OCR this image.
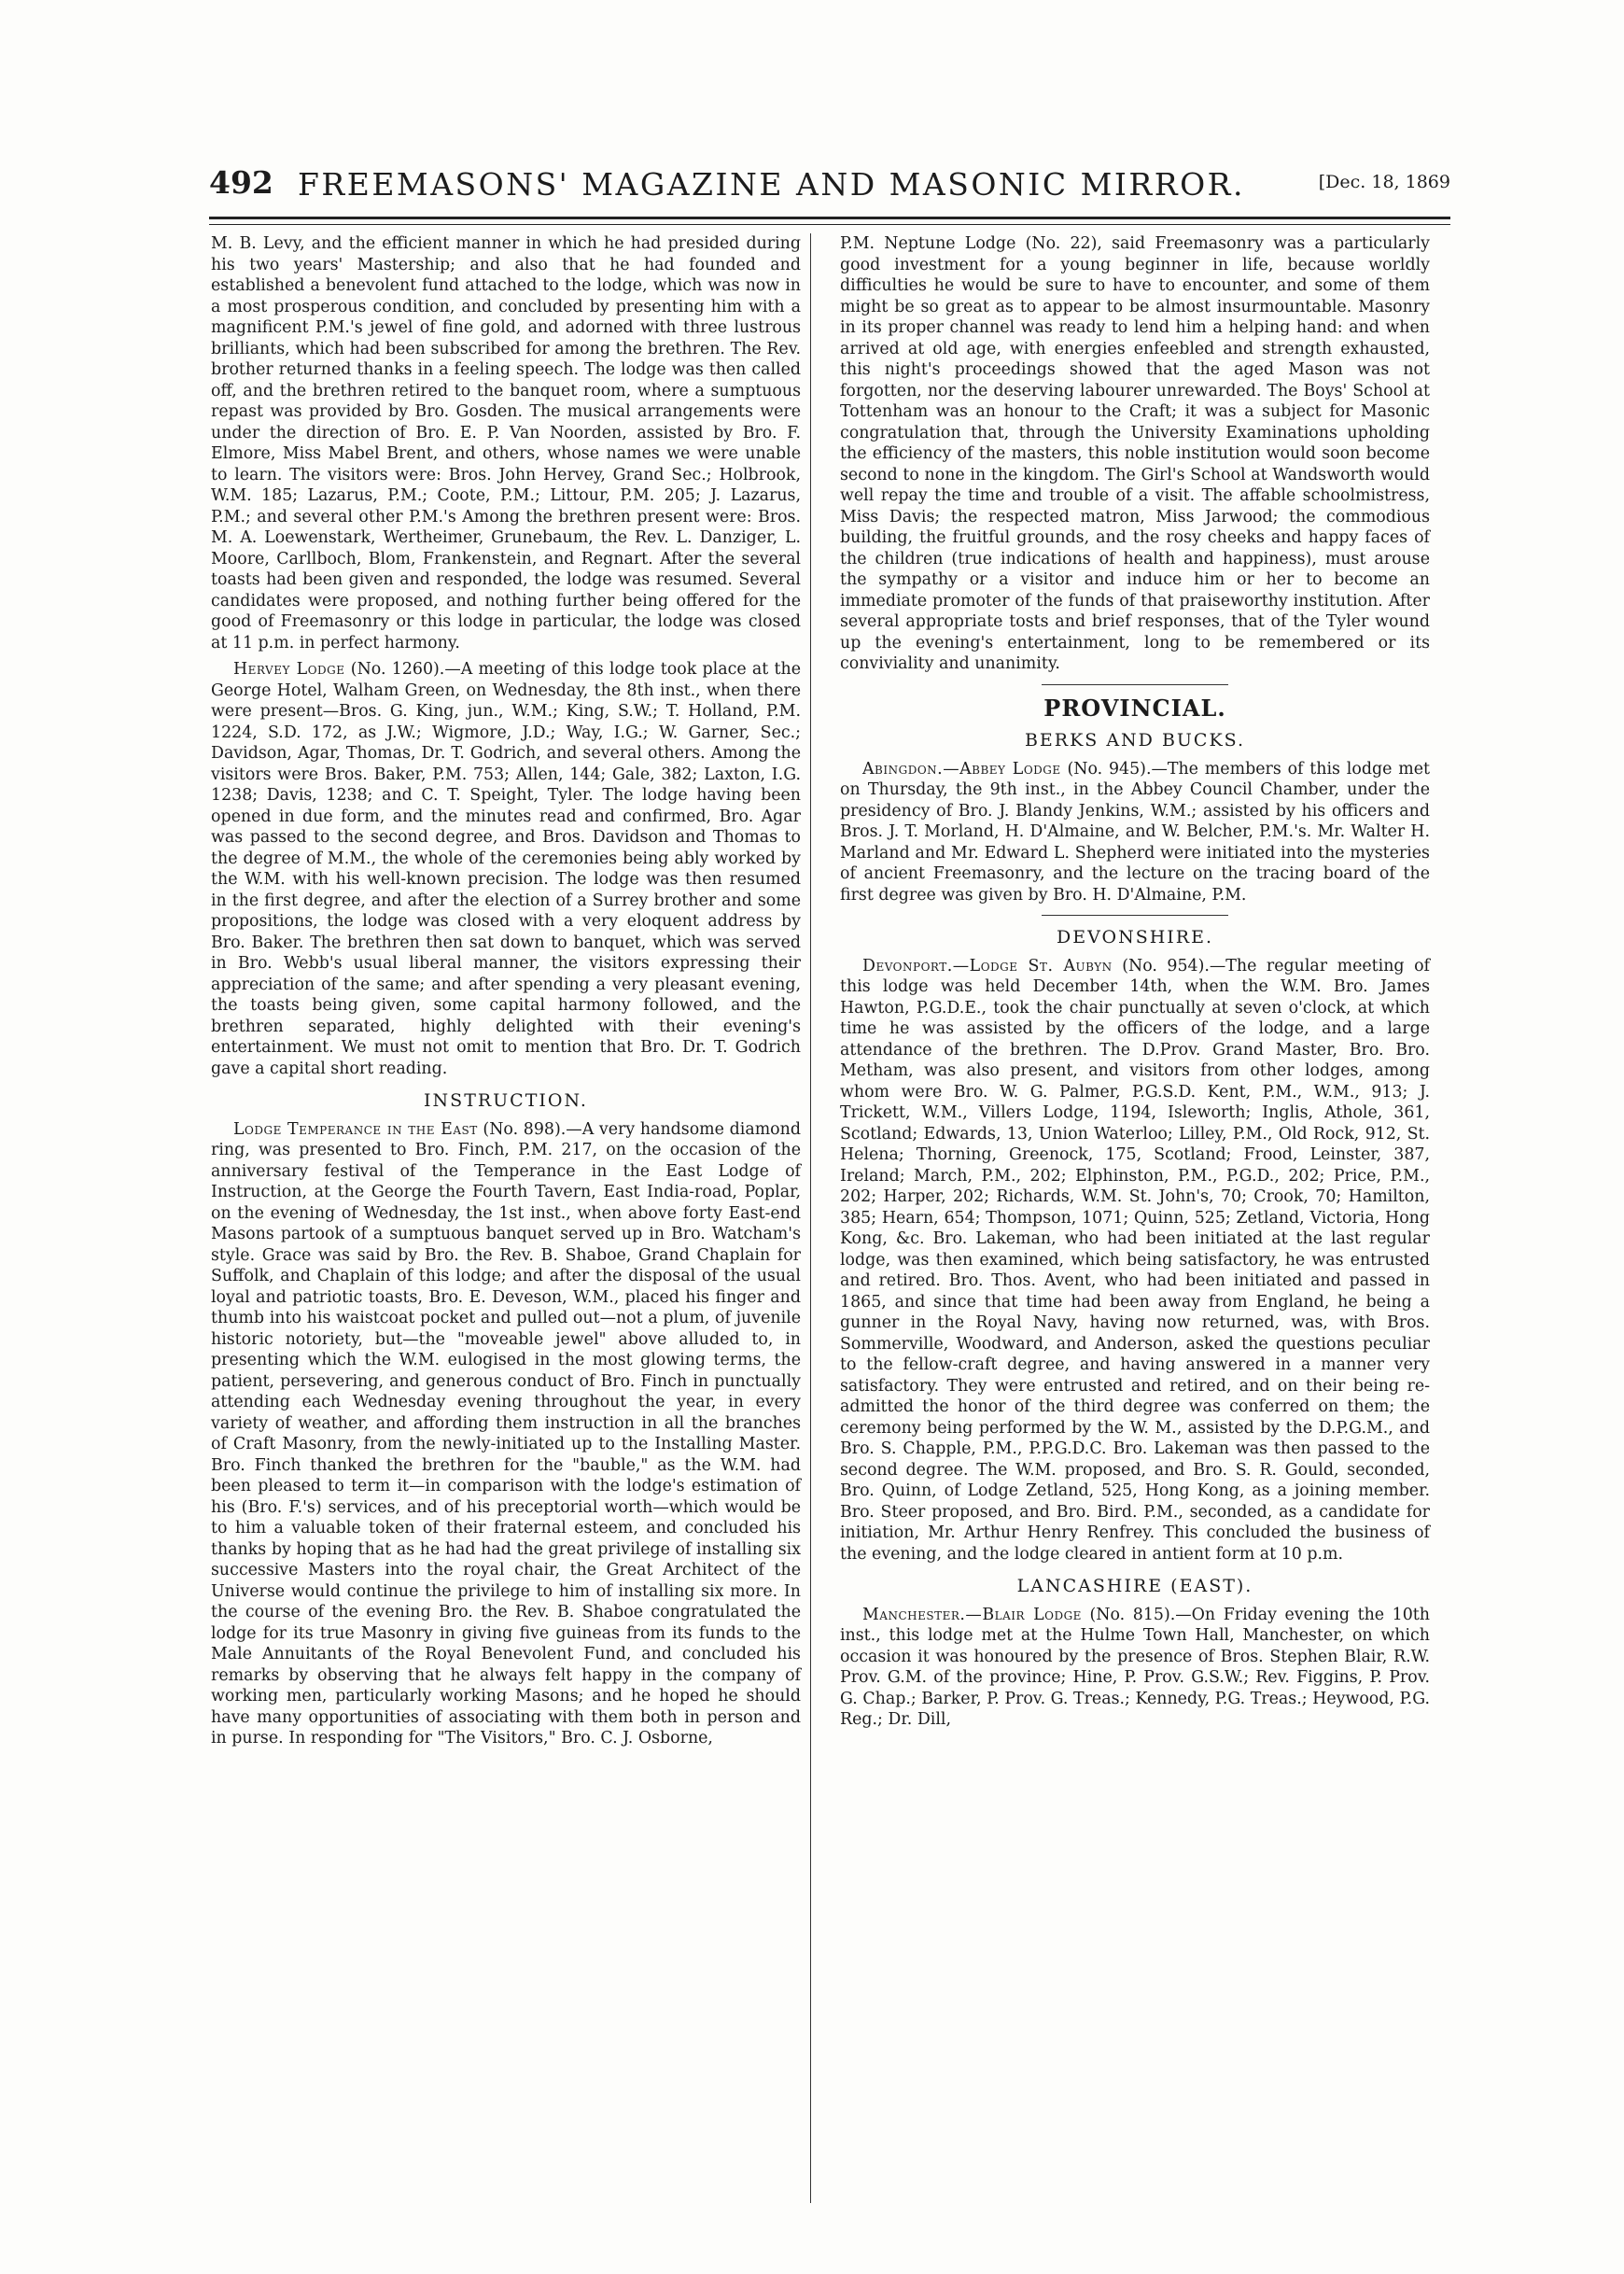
492 FREEMASONS' MAGAZINE AND MASONIC MIRROR.	[Dec. 18, 1869

M. B. Levy, and the efficient manner in which he had presided during his two years' Mastership; and also that he had founded and established a benevolent fund attached to the lodge, which was now in a most prosperous condition, and concluded by presenting him with a magnificent P.M.'s jewel of fine gold, and adorned with three lustrous brilliants, which had been subscribed for among the brethren. The Rev. brother returned thanks in a feeling speech. The lodge was then called off, and the brethren retired to the banquet room, where a sumptuous repast was provided by Bro. Gosden. The musical arrangements were under the direction of Bro. E. P. Van Noorden, assisted by Bro. F. Elmore, Miss Mabel Brent, and others, whose names we were unable to learn. The visitors were: Bros. John Hervey, Grand Sec.; Holbrook, W.M. 185; Lazarus, P.M.; Coote, P.M.; Littour, P.M. 205; J. Lazarus, P.M.; and several other P.M.'s Among the brethren present were: Bros. M. A. Loewenstark, Wertheimer, Grunebaum, the Rev. L. Danziger, L. Moore, Carllboch, Blom, Frankenstein, and Regnart. After the several toasts had been given and responded, the lodge was resumed. Several candidates were proposed, and nothing further being offered for the good of Freemasonry or this lodge in particular, the lodge was closed at 11 p.m. in perfect harmony.

Hervey Lodge (No. 1260).—A meeting of this lodge took place at the George Hotel, Walham Green, on Wednesday, the 8th inst., when there were present—Bros. G. King, jun., W.M.; King, S.W.; T. Holland, P.M. 1224, S.D. 172, as J.W.; Wigmore, J.D.; Way, I.G.; W. Garner, Sec.; Davidson, Agar, Thomas, Dr. T. Godrich, and several others. Among the visitors were Bros. Baker, P.M. 753; Allen, 144; Gale, 382; Laxton, I.G. 1238; Davis, 1238; and C. T. Speight, Tyler. The lodge having been opened in due form, and the minutes read and confirmed, Bro. Agar was passed to the second degree, and Bros. Davidson and Thomas to the degree of M.M., the whole of the ceremonies being ably worked by the W.M. with his well-known precision. The lodge was then resumed in the first degree, and after the election of a Surrey brother and some propositions, the lodge was closed with a very eloquent address by Bro. Baker. The brethren then sat down to banquet, which was served in Bro. Webb's usual liberal manner, the visitors expressing their appreciation of the same; and after spending a very pleasant evening, the toasts being given, some capital harmony followed, and the brethren separated, highly delighted with their evening's entertainment. We must not omit to mention that Bro. Dr. T. Godrich gave a capital short reading.

INSTRUCTION.

Lodge Temperance in the East (No. 898).—A very handsome diamond ring, was presented to Bro. Finch, P.M. 217, on the occasion of the anniversary festival of the Temperance in the East Lodge of Instruction, at the George the Fourth Tavern, East India-road, Poplar, on the evening of Wednesday, the 1st inst., when above forty East-end Masons partook of a sumptuous banquet served up in Bro. Watcham's style. Grace was said by Bro. the Rev. B. Shaboe, Grand Chaplain for Suffolk, and Chaplain of this lodge; and after the disposal of the usual loyal and patriotic toasts, Bro. E. Deveson, W.M., placed his finger and thumb into his waistcoat pocket and pulled out—not a plum, of juvenile historic notoriety, but—the "moveable jewel" above alluded to, in presenting which the W.M. eulogised in the most glowing terms, the patient, persevering, and generous conduct of Bro. Finch in punctually attending each Wednesday evening throughout the year, in every variety of weather, and affording them instruction in all the branches of Craft Masonry, from the newly-initiated up to the Installing Master. Bro. Finch thanked the brethren for the "bauble," as the W.M. had been pleased to term it—in comparison with the lodge's estimation of his (Bro. F.'s) services, and of his preceptorial worth—which would be to him a valuable token of their fraternal esteem, and concluded his thanks by hoping that as he had had the great privilege of installing six successive Masters into the royal chair, the Great Architect of the Universe would continue the privilege to him of installing six more. In the course of the evening Bro. the Rev. B. Shaboe congratulated the lodge for its true Masonry in giving five guineas from its funds to the Male Annuitants of the Royal Benevolent Fund, and concluded his remarks by observing that he always felt happy in the company of working men, particularly working Masons; and he hoped he should have many opportunities of associating with them both in person and in purse. In responding for "The Visitors," Bro. C. J. Osborne,

P.M. Neptune Lodge (No. 22), said Freemasonry was a particularly good investment for a young beginner in life, because worldly difficulties he would be sure to have to encounter, and some of them might be so great as to appear to be almost insurmountable. Masonry in its proper channel was ready to lend him a helping hand: and when arrived at old age, with energies enfeebled and strength exhausted, this night's proceedings showed that the aged Mason was not forgotten, nor the deserving labourer unrewarded. The Boys' School at Tottenham was an honour to the Craft; it was a subject for Masonic congratulation that, through the University Examinations upholding the efficiency of the masters, this noble institution would soon become second to none in the kingdom. The Girl's School at Wandsworth would well repay the time and trouble of a visit. The affable schoolmistress, Miss Davis; the respected matron, Miss Jarwood; the commodious building, the fruitful grounds, and the rosy cheeks and happy faces of the children (true indications of health and happiness), must arouse the sympathy or a visitor and induce him or her to become an immediate promoter of the funds of that praiseworthy institution. After several appropriate tosts and brief responses, that of the Tyler wound up the evening's entertainment, long to be remembered or its conviviality and unanimity.

PROVINCIAL.
BERKS AND BUCKS.

Abingdon.—Abbey Lodge (No. 945).—The members of this lodge met on Thursday, the 9th inst., in the Abbey Council Chamber, under the presidency of Bro. J. Blandy Jenkins, W.M.; assisted by his officers and Bros. J. T. Morland, H. D'Almaine, and W. Belcher, P.M.'s. Mr. Walter H. Marland and Mr. Edward L. Shepherd were initiated into the mysteries of ancient Freemasonry, and the lecture on the tracing board of the first degree was given by Bro. H. D'Almaine, P.M.

DEVONSHIRE.

Devonport.—Lodge St. Aubyn (No. 954).—The regular meeting of this lodge was held December 14th, when the W.M. Bro. James Hawton, P.G.D.E., took the chair punctually at seven o'clock, at which time he was assisted by the officers of the lodge, and a large attendance of the brethren. The D.Prov. Grand Master, Bro. Bro. Metham, was also present, and visitors from other lodges, among whom were Bro. W. G. Palmer, P.G.S.D. Kent, P.M., W.M., 913; J. Trickett, W.M., Villers Lodge, 1194, Isleworth; Inglis, Athole, 361, Scotland; Edwards, 13, Union Waterloo; Lilley, P.M., Old Rock, 912, St. Helena; Thorning, Greenock, 175, Scotland; Frood, Leinster, 387, Ireland; March, P.M., 202; Elphinston, P.M., P.G.D., 202; Price, P.M., 202; Harper, 202; Richards, W.M. St. John's, 70; Crook, 70; Hamilton, 385; Hearn, 654; Thompson, 1071; Quinn, 525; Zetland, Victoria, Hong Kong, &c. Bro. Lakeman, who had been initiated at the last regular lodge, was then examined, which being satisfactory, he was entrusted and retired. Bro. Thos. Avent, who had been initiated and passed in 1865, and since that time had been away from England, he being a gunner in the Royal Navy, having now returned, was, with Bros. Sommerville, Woodward, and Anderson, asked the questions peculiar to the fellow-craft degree, and having answered in a manner very satisfactory. They were entrusted and retired, and on their being re-admitted the honor of the third degree was conferred on them; the ceremony being performed by the W. M., assisted by the D.P.G.M., and Bro. S. Chapple, P.M., P.P.G.D.C. Bro. Lakeman was then passed to the second degree. The W.M. proposed, and Bro. S. R. Gould, seconded, Bro. Quinn, of Lodge Zetland, 525, Hong Kong, as a joining member. Bro. Steer proposed, and Bro. Bird. P.M., seconded, as a candidate for initiation, Mr. Arthur Henry Renfrey. This concluded the business of the evening, and the lodge cleared in antient form at 10 p.m.

LANCASHIRE (EAST).

Manchester.—Blair Lodge (No. 815).—On Friday evening the 10th inst., this lodge met at the Hulme Town Hall, Manchester, on which occasion it was honoured by the presence of Bros. Stephen Blair, R.W. Prov. G.M. of the province; Hine, P. Prov. G.S.W.; Rev. Figgins, P. Prov. G. Chap.; Barker, P. Prov. G. Treas.; Kennedy, P.G. Treas.; Heywood, P.G. Reg.; Dr. Dill,
